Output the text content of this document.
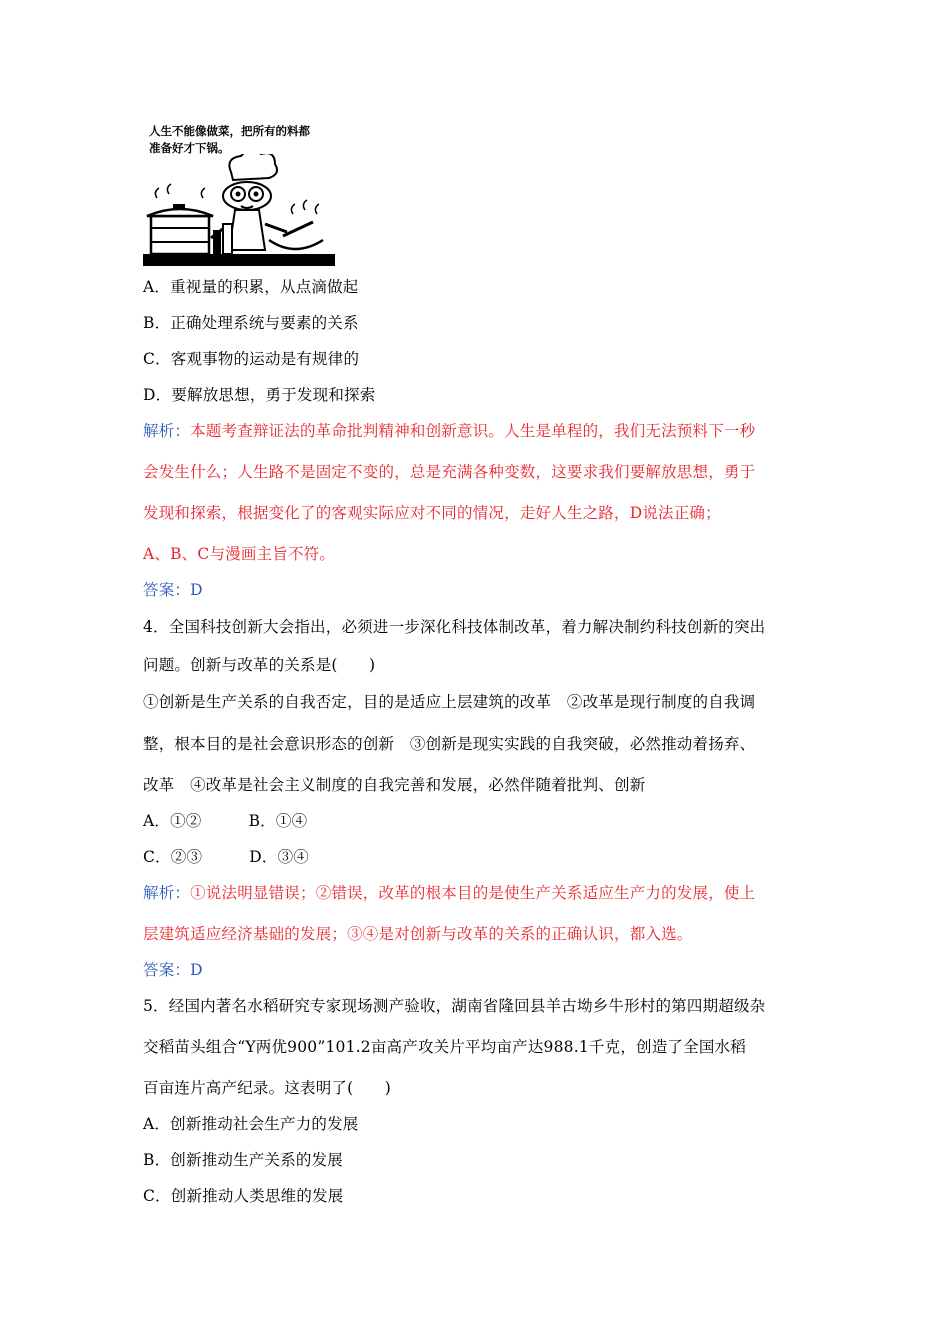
人生不能像做菜，把所有的料都
准备好才下锅。
A．重视量的积累，从点滴做起
B．正确处理系统与要素的关系
C．客观事物的运动是有规律的
D．要解放思想，勇于发现和探索
解析：本题考查辩证法的革命批判精神和创新意识。人生是单程的，我们无法预料下一秒
会发生什么；人生路不是固定不变的，总是充满各种变数，这要求我们要解放思想，勇于
发现和探索，根据变化了的客观实际应对不同的情况，走好人生之路，D说法正确；
A、B、C与漫画主旨不符。
答案：D
4．全国科技创新大会指出，必须进一步深化科技体制改革，着力解决制约科技创新的突出
问题。创新与改革的关系是(　　)
①创新是生产关系的自我否定，目的是适应上层建筑的改革　②改革是现行制度的自我调
整，根本目的是社会意识形态的创新　③创新是现实实践的自我突破，必然推动着扬弃、
改革　④改革是社会主义制度的自我完善和发展，必然伴随着批判、创新
A．①②　　　B．①④
C．②③　　　D．③④
解析：①说法明显错误；②错误，改革的根本目的是使生产关系适应生产力的发展，使上
层建筑适应经济基础的发展；③④是对创新与改革的关系的正确认识，都入选。
答案：D
5．经国内著名水稻研究专家现场测产验收，湖南省隆回县羊古坳乡牛形村的第四期超级杂
交稻苗头组合“Y两优900”101.2亩高产攻关片平均亩产达988.1千克，创造了全国水稻
百亩连片高产纪录。这表明了(　　)
A．创新推动社会生产力的发展
B．创新推动生产关系的发展
C．创新推动人类思维的发展
